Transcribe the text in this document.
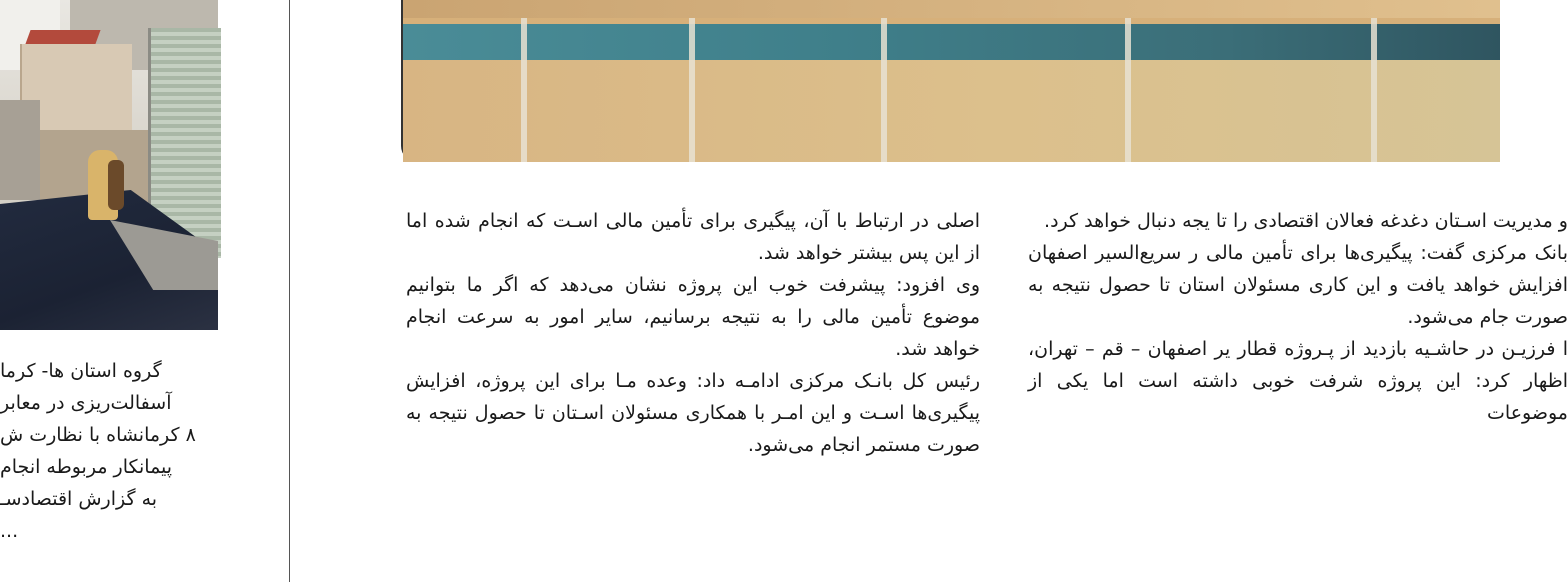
گروه استان ها- کرما

آسفالت‌ریزی در معابر

۸ کرمانشاه با نظارت ش

پیمانکار مربوطه انجام

به گزارش اقتصادسـ

...

اصلی در ارتباط با آن، پیگیری برای تأمین مالی اسـت که انجام شده اما از این پس بیشتر خواهد شد.

وی افزود: پیشرفت خوب این پروژه نشان می‌دهد که اگر ما بتوانیم موضوع تأمین مالی را به نتیجه برسانیم، سایر امور به سرعت انجام خواهد شد.

رئیس کل بانـک مرکزی ادامـه داد: وعده مـا برای این پروژه، افزایش پیگیری‌ها اسـت و این امـر با همکاری مسئولان اسـتان تا حصول نتیجه به صورت مستمر انجام می‌شود.

و مدیریت اسـتان دغدغه فعالان اقتصادی را تا یجه دنبال خواهد کرد.

بانک مرکزی گفت: پیگیری‌ها برای تأمین مالی ر سریع‌السیر اصفهان افزایش خواهد یافت و این کاری مسئولان استان تا حصول نتیجه به صورت جام می‌شود.

ا فرزیـن در حاشـیه بازدید از پـروژه قطار یر اصفهان – قم – تهران، اظهار کرد: این پروژه شرفت خوبی داشته است اما یکی از موضوعات
